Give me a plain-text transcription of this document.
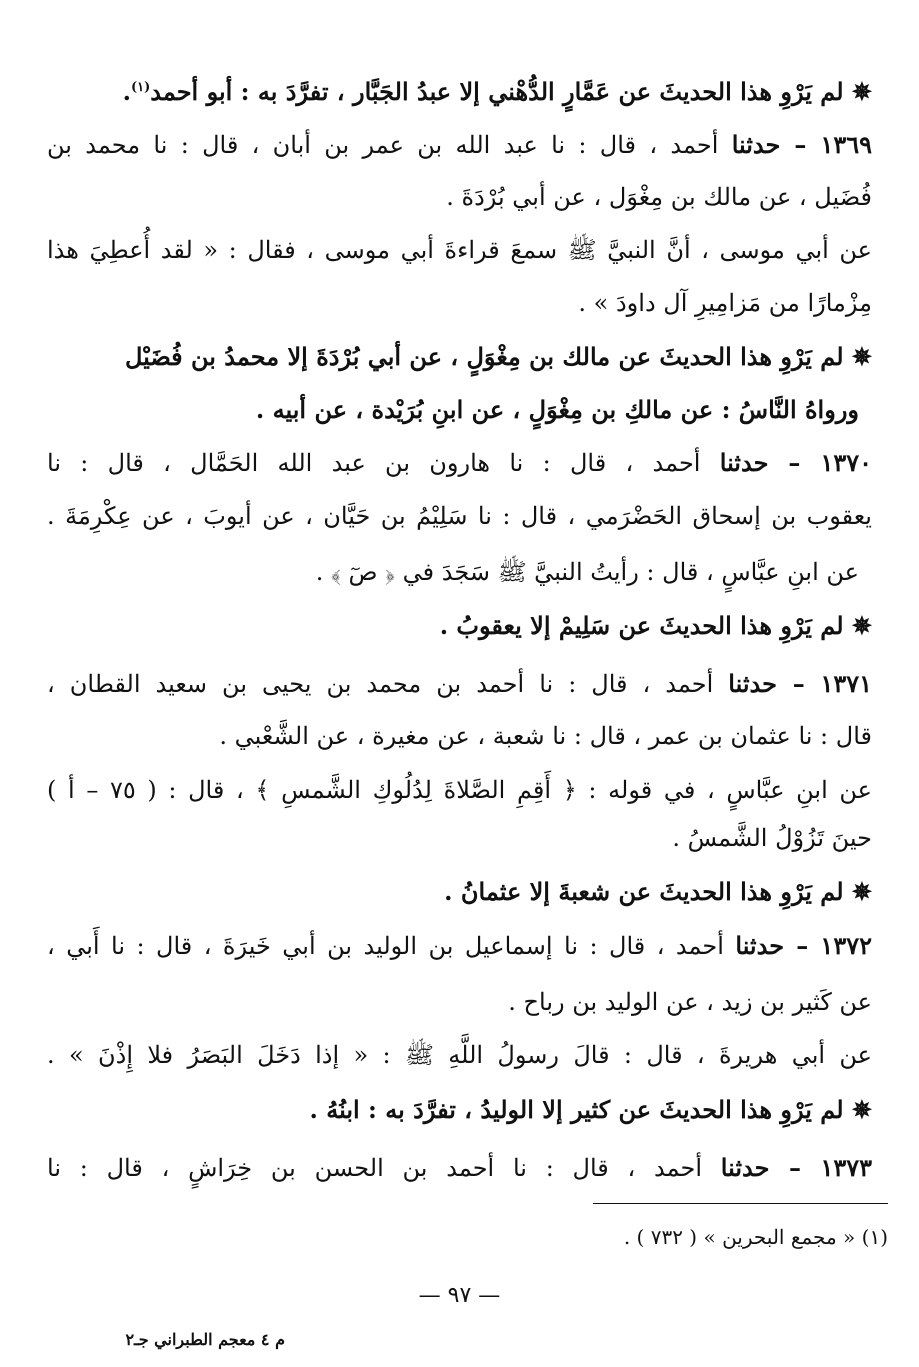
✵ لم يَرْوِ هذا الحديثَ عن عَمَّارٍ الدُّهْني إلا عبدُ الجَبَّار ، تفرَّدَ به : أبو أحمد$^{(١)}$.
١٣٦٩ – حدثنا أحمد ، قال : نا عبد الله بن عمر بن أبان ، قال : نا محمد بن
فُضَيل ، عن مالك بن مِغْوَل ، عن أبي بُرْدَةَ .
عن أبي موسى ، أنَّ النبيَّ ﷺ سمعَ قراءةَ أبي موسى ، فقال : « لقد أُعطِيَ هذا
مِزْمارًا من مَزامِيرِ آل داودَ » .
✵ لم يَرْوِ هذا الحديثَ عن مالك بن مِغْوَلٍ ، عن أبي بُرْدَةَ إلا محمدُ بن فُضَيْل
ورواهُ النَّاسُ : عن مالكِ بن مِغْوَلٍ ، عن ابنِ بُرَيْدة ، عن أبيه .
١٣٧٠ – حدثنا أحمد ، قال : نا هارون بن عبد الله الحَمَّال ، قال : نا
يعقوب بن إسحاق الحَضْرَمي ، قال : نا سَلِيْمُ بن حَيَّان ، عن أيوبَ ، عن عِكْرِمَةَ .
عن ابنِ عبَّاسٍ ، قال : رأيتُ النبيَّ ﷺ سَجَدَ في ﴿ صٓ ﴾ .
✵ لم يَرْوِ هذا الحديثَ عن سَلِيمْ إلا يعقوبُ .
١٣٧١ – حدثنا أحمد ، قال : نا أحمد بن محمد بن يحيى بن سعيد القطان ،
قال : نا عثمان بن عمر ، قال : نا شعبة ، عن مغيرة ، عن الشَّعْبي .
عن ابنِ عبَّاسٍ ، في قوله : ﴿ أَقِمِ الصَّلاةَ لِدُلُوكِ الشَّمسِ ﴾ ، قال : ( ٧٥ – أ )
حينَ تَزُوْلُ الشَّمسُ .
✵ لم يَرْوِ هذا الحديثَ عن شعبةَ إلا عثمانُ .
١٣٧٢ – حدثنا أحمد ، قال : نا إسماعيل بن الوليد بن أبي خَيرَةَ ، قال : نا أَبي ،
عن كَثير بن زيد ، عن الوليد بن رباح .
عن أبي هريرةَ ، قال : قالَ رسولُ اللَّهِ ﷺ : « إذا دَخَلَ البَصَرُ فلا إِذْنَ » .
✵ لم يَرْوِ هذا الحديثَ عن كثير إلا الوليدُ ، تفرَّدَ به : ابنُهُ .
١٣٧٣ – حدثنا أحمد ، قال : نا أحمد بن الحسن بن خِرَاشٍ ، قال : نا
(١) « مجمع البحرين » ( ٧٣٢ ) .
— ٩٧ —
م ٤ معجم الطبراني جـ٢
